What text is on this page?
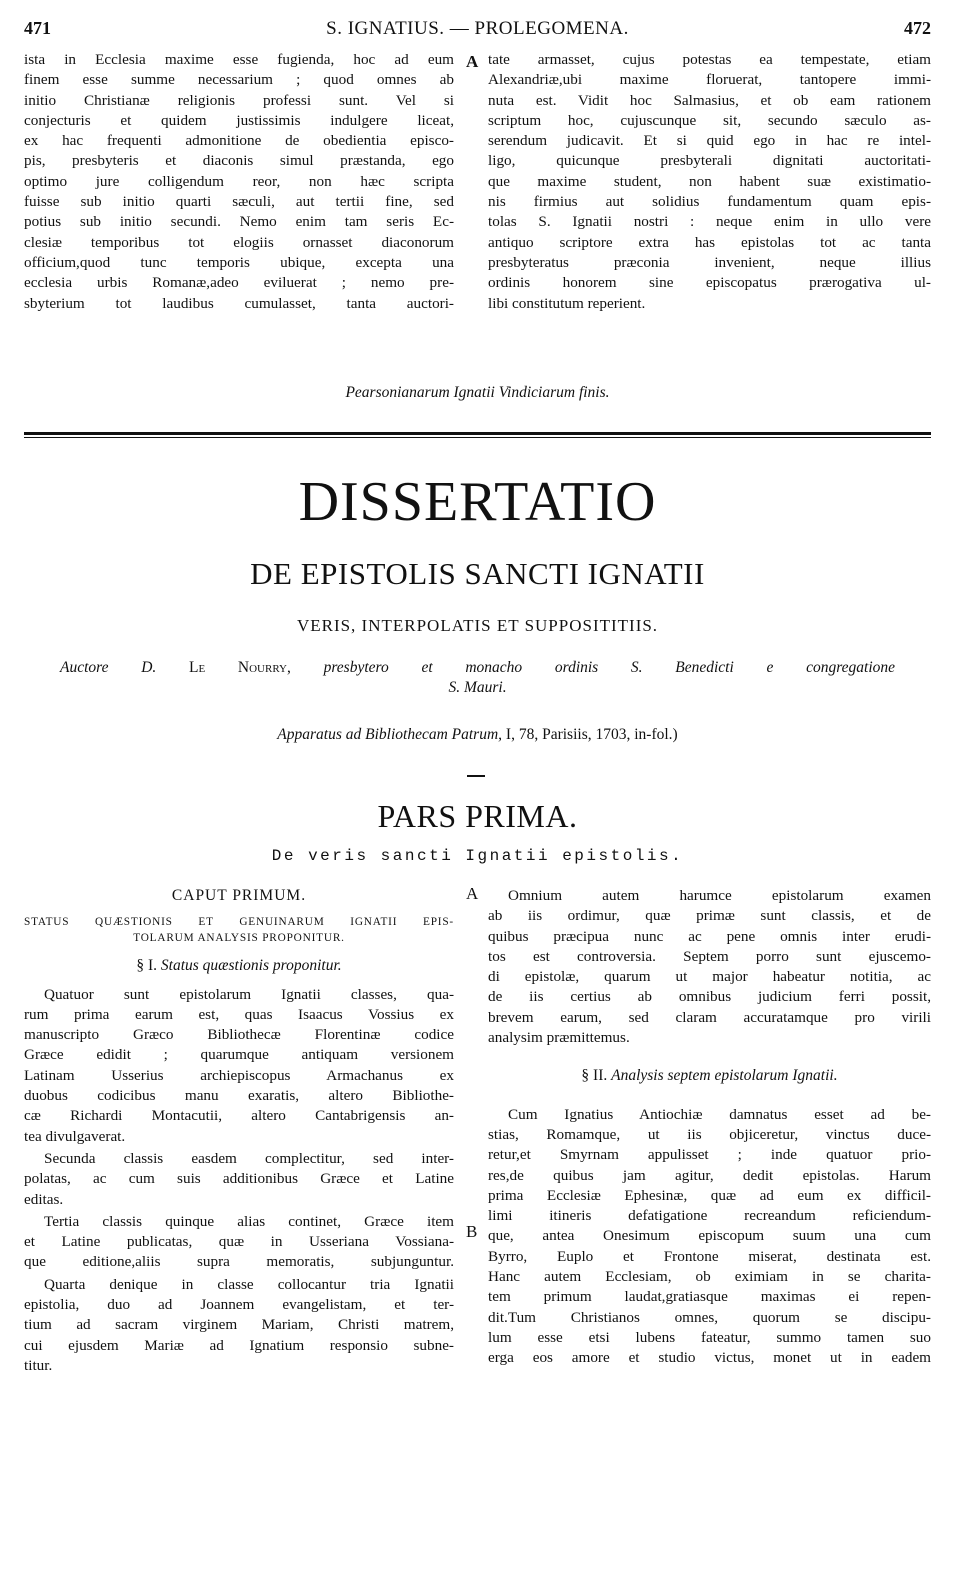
471	S. IGNATIUS. — PROLEGOMENA.	472
ista in Ecclesia maxime esse fugienda, hoc ad eum
finem esse summe necessarium ; quod omnes ab
initio Christianæ religionis professi sunt. Vel si
conjecturis et quidem justissimis indulgere liceat,
ex hac frequenti admonitione de obedientia episco-
pis, presbyteris et diaconis simul præstanda, ego
optimo jure colligendum reor, non hæc scripta
fuisse sub initio quarti sæculi, aut tertii fine, sed
potius sub initio secundi. Nemo enim tam seris Ec-
clesiæ temporibus tot elogiis ornasset diaconorum
officium,quod tunc temporis ubique, excepta una
ecclesia urbis Romanæ,adeo eviluerat ; nemo pre-
sbyterium tot laudibus cumulasset, tanta auctori-
A tate armasset, cujus potestas ea tempestate, etiam
Alexandriæ,ubi maxime floruerat, tantopere immi-
nuta est. Vidit hoc Salmasius, et ob eam rationem
scriptum hoc, cujuscunque sit, secundo sæculo as-
serendum judicavit. Et si quid ego in hac re intel-
ligo, quicunque presbyterali dignitati auctoritati-
que maxime student, non habent suæ existimatio-
nis firmius aut solidius fundamentum quam epis-
tolas S. Ignatii nostri : neque enim in ullo vere
antiquo scriptore extra has epistolas tot ac tanta
presbyteratus præconia invenient, neque illius
ordinis honorem sine episcopatus prærogativa ul-
libi constitutum reperient.
Pearsonianarum Ignatii Vindiciarum finis.
DISSERTATIO
DE EPISTOLIS SANCTI IGNATII
VERIS, INTERPOLATIS ET SUPPOSITITIIS.
Auctore D. Le Nourry, presbytero et monacho ordinis S. Benedicti e congregatione
S. Mauri.
Apparatus ad Bibliothecam Patrum, I, 78, Parisiis, 1703, in-fol.)
PARS PRIMA.
De veris sancti Ignatii epistolis.
CAPUT PRIMUM.
STATUS QUÆSTIONIS ET GENUINARUM IGNATII EPIS-
TOLARUM ANALYSIS PROPONITUR.
§ I. Status quæstionis proponitur.
Quatuor sunt epistolarum Ignatii classes, qua-
rum prima earum est, quas Isaacus Vossius ex
manuscripto Græco Bibliothecæ Florentinæ codice
Græce edidit ; quarumque antiquam versionem
Latinam Usserius archiepiscopus Armachanus ex
duobus codicibus manu exaratis, altero Bibliothe-
cæ Richardi Montacutii, altero Cantabrigensis an-
tea divulgaverat.
Secunda classis easdem complectitur, sed inter-
polatas, ac cum suis additionibus Græce et Latine
editas.
Tertia classis quinque alias continet, Græce item
et Latine publicatas, quæ in Usseriana Vossiana-
que editione,aliis supra memoratis, subjunguntur.
Quarta denique in classe collocantur tria Ignatii
epistolia, duo ad Joannem evangelistam, et ter-
tium ad sacram virginem Mariam, Christi matrem,
cui ejusdem Mariæ ad Ignatium responsio subne-
titur.
A
B
Omnium autem harumce epistolarum examen
ab iis ordimur, quæ primæ sunt classis, et de
quibus præcipua nunc ac pene omnis inter erudi-
tos est controversia. Septem porro sunt ejuscemo-
di epistolæ, quarum ut major habeatur notitia, ac
de iis certius ab omnibus judicium ferri possit,
brevem earum, sed claram accuratamque pro virili
analysim præmittemus.
§ II. Analysis septem epistolarum Ignatii.
Cum Ignatius Antiochiæ damnatus esset ad be-
stias, Romamque, ut iis objiceretur, vinctus duce-
retur,et Smyrnam appulisset ; inde quatuor prio-
res,de quibus jam agitur, dedit epistolas. Harum
prima Ecclesiæ Ephesinæ, quæ ad eum ex difficil-
limi itineris defatigatione recreandum reficiendum-
que, antea Onesimum episcopum suum una cum
Byrro, Euplo et Frontone miserat, destinata est.
Hanc autem Ecclesiam, ob eximiam in se charita-
tem primum laudat,gratiasque maximas ei repen-
dit.Tum Christianos omnes, quorum se discipu-
lum esse etsi lubens fateatur, summo tamen suo
erga eos amore et studio victus, monet ut in eadem
